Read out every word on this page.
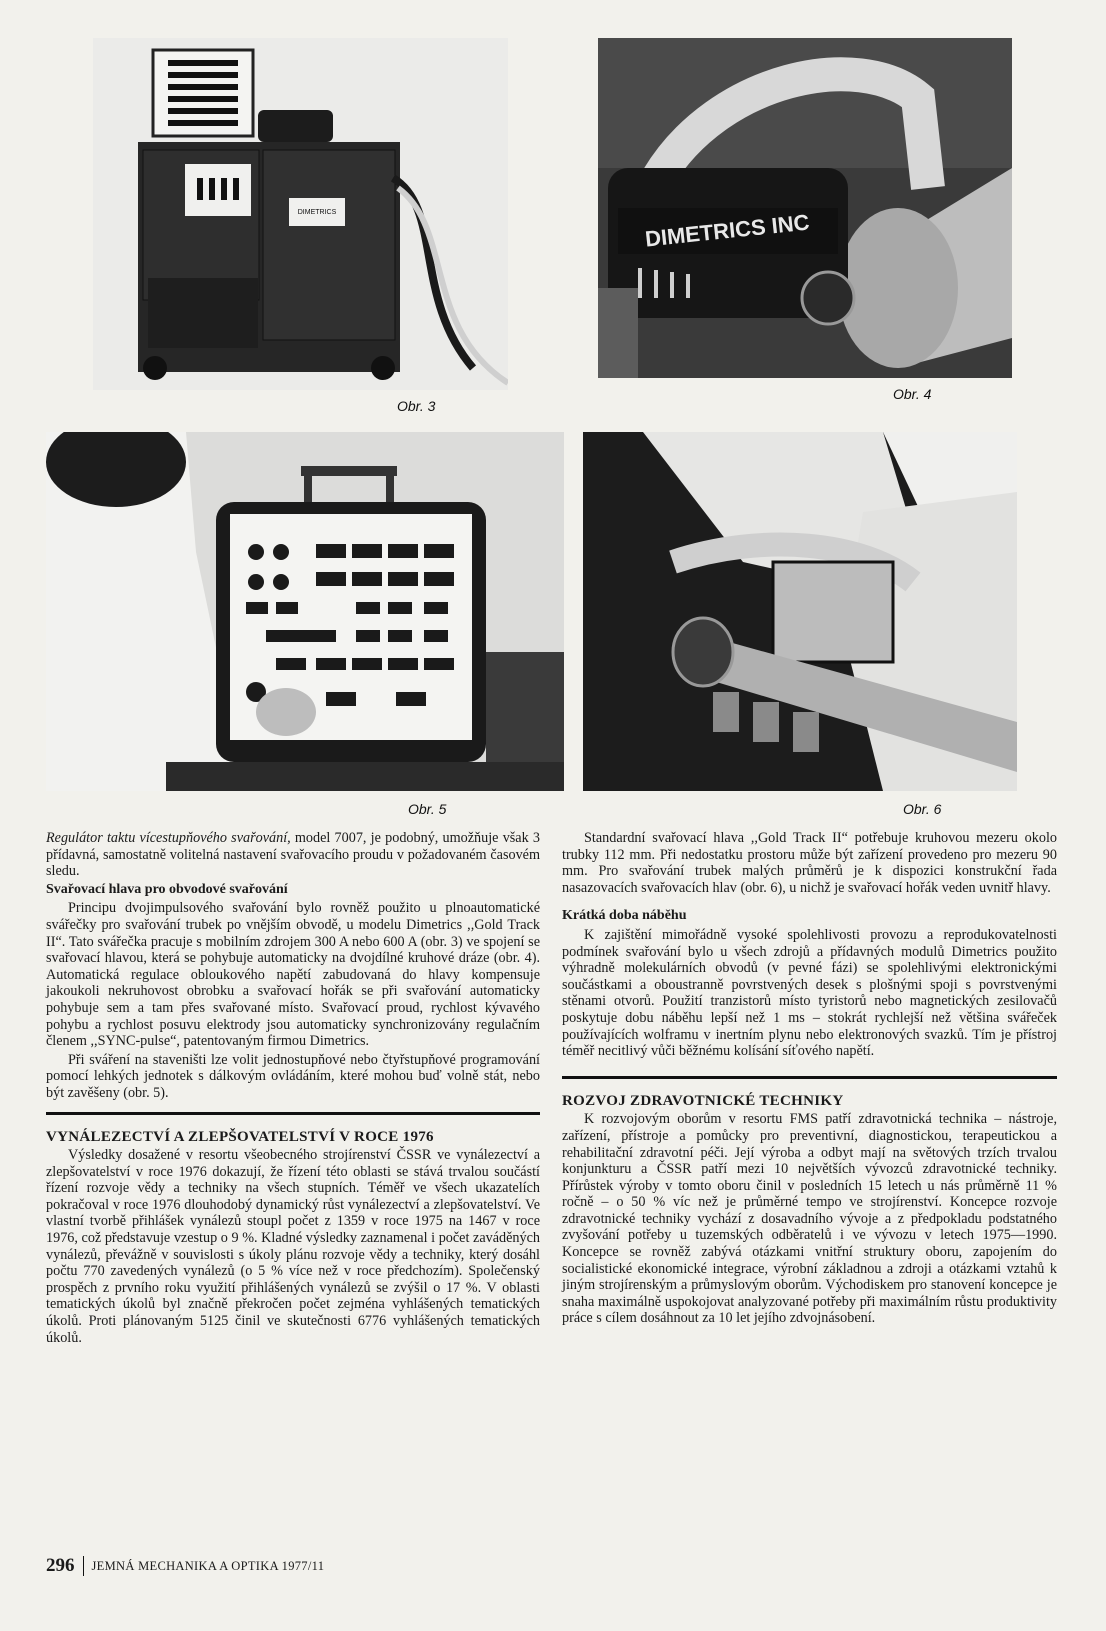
DIMETRICS
Obr. 3
DIMETRICS INC
Obr. 4
Obr. 5	Obr. 6

Regulátor taktu vícestupňového svařování, model 7007, je podobný, umožňuje však 3 přídavná, samostatně volitelná nastavení svařovacího proudu v požadovaném časovém sledu.

Svařovací hlava pro obvodové svařování

Principu dvojimpulsového svařování bylo rovněž použito u plnoautomatické svářečky pro svařování trubek po vnějším obvodě, u modelu Dimetrics ,,Gold Track II“. Tato svářečka pracuje s mobilním zdrojem 300 A nebo 600 A (obr. 3) ve spojení se svařovací hlavou, která se pohybuje automaticky na dvojdílné kruhové dráze (obr. 4). Automatická regulace obloukového napětí zabudovaná do hlavy kompensuje jakoukoli nekruhovost obrobku a svařovací hořák se při svařování automaticky pohybuje sem a tam přes svařované místo. Svařovací proud, rychlost kývavého pohybu a rychlost posuvu elektrody jsou automaticky synchronizovány regulačním členem ,,SYNC-pulse“, patentovaným firmou Dimetrics.

Při sváření na staveništi lze volit jednostupňové nebo čtyřstupňové programování pomocí lehkých jednotek s dálkovým ovládáním, které mohou buď volně stát, nebo být zavěšeny (obr. 5).

VYNÁLEZECTVÍ A ZLEPŠOVATELSTVÍ V ROCE 1976

Výsledky dosažené v resortu všeobecného strojírenství ČSSR ve vynálezectví a zlepšovatelství v roce 1976 dokazují, že řízení této oblasti se stává trvalou součástí řízení rozvoje vědy a techniky na všech stupních. Téměř ve všech ukazatelích pokračoval v roce 1976 dlouhodobý dynamický růst vynálezectví a zlepšovatelství. Ve vlastní tvorbě přihlášek vynálezů stoupl počet z 1359 v roce 1975 na 1467 v roce 1976, což představuje vzestup o 9 %. Kladné výsledky zaznamenal i počet zaváděných vynálezů, převážně v souvislosti s úkoly plánu rozvoje vědy a techniky, který dosáhl počtu 770 zavedených vynálezů (o 5 % více než v roce předchozím). Společenský prospěch z prvního roku využití přihlášených vynálezů se zvýšil o 17 %. V oblasti tematických úkolů byl značně překročen počet zejména vyhlášených tematických úkolů. Proti plánovaným 5125 činil ve skutečnosti 6776 vyhlášených tematických úkolů.

Standardní svařovací hlava ,,Gold Track II“ potřebuje kruhovou mezeru okolo trubky 112 mm. Při nedostatku prostoru může být zařízení provedeno pro mezeru 90 mm. Pro svařování trubek malých průměrů je k dispozici konstrukční řada nasazovacích svařovacích hlav (obr. 6), u nichž je svařovací hořák veden uvnitř hlavy.

Krátká doba náběhu

K zajištění mimořádně vysoké spolehlivosti provozu a reprodukovatelnosti podmínek svařování bylo u všech zdrojů a přídavných modulů Dimetrics použito výhradně molekulárních obvodů (v pevné fázi) se spolehlivými elektronickými součástkami a oboustranně povrstvených desek s plošnými spoji s povrstvenými stěnami otvorů. Použití tranzistorů místo tyristorů nebo magnetických zesilovačů poskytuje dobu náběhu lepší než 1 ms – stokrát rychlejší než většina svářeček používajících wolframu v inertním plynu nebo elektronových svazků. Tím je přístroj téměř necitlivý vůči běžnému kolísání síťového napětí.

ROZVOJ ZDRAVOTNICKÉ TECHNIKY

K rozvojovým oborům v resortu FMS patří zdravotnická technika – nástroje, zařízení, přístroje a pomůcky pro preventivní, diagnostickou, terapeutickou a rehabilitační zdravotní péči. Její výroba a odbyt mají na světových trzích trvalou konjunkturu a ČSSR patří mezi 10 největších vývozců zdravotnické techniky. Přírůstek výroby v tomto oboru činil v posledních 15 letech u nás průměrně 11 % ročně – o 50 % víc než je průměrné tempo ve strojírenství. Koncepce rozvoje zdravotnické techniky vychází z dosavadního vývoje a z předpokladu podstatného zvyšování potřeby u tuzemských odběratelů i ve vývozu v letech 1975—1990. Koncepce se rovněž zabývá otázkami vnitřní struktury oboru, zapojením do socialistické ekonomické integrace, výrobní základnou a zdroji a otázkami vztahů k jiným strojírenským a průmyslovým oborům. Východiskem pro stanovení koncepce je snaha maximálně uspokojovat analyzované potřeby při maximálním růstu produktivity práce s cílem dosáhnout za 10 let jejího zdvojnásobení.

296 JEMNÁ MECHANIKA A OPTIKA 1977/11
